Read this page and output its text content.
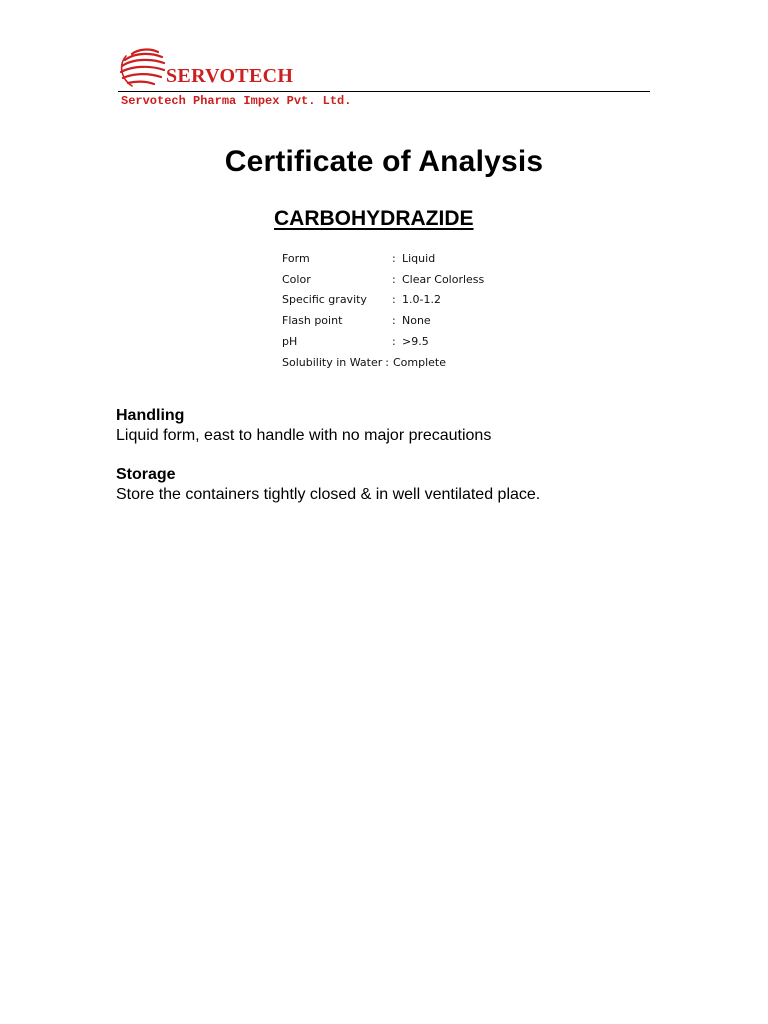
SERVOTECH
Servotech Pharma Impex Pvt. Ltd.
Certificate of Analysis
CARBOHYDRAZIDE
Form	: Liquid
Color	: Clear Colorless
Specific gravity	: 1.0-1.2
Flash point	: None
pH	: >9.5
Solubility in Water : Complete

Handling

Liquid form, east to handle with no major precautions

Storage

Store the containers tightly closed & in well ventilated place.
